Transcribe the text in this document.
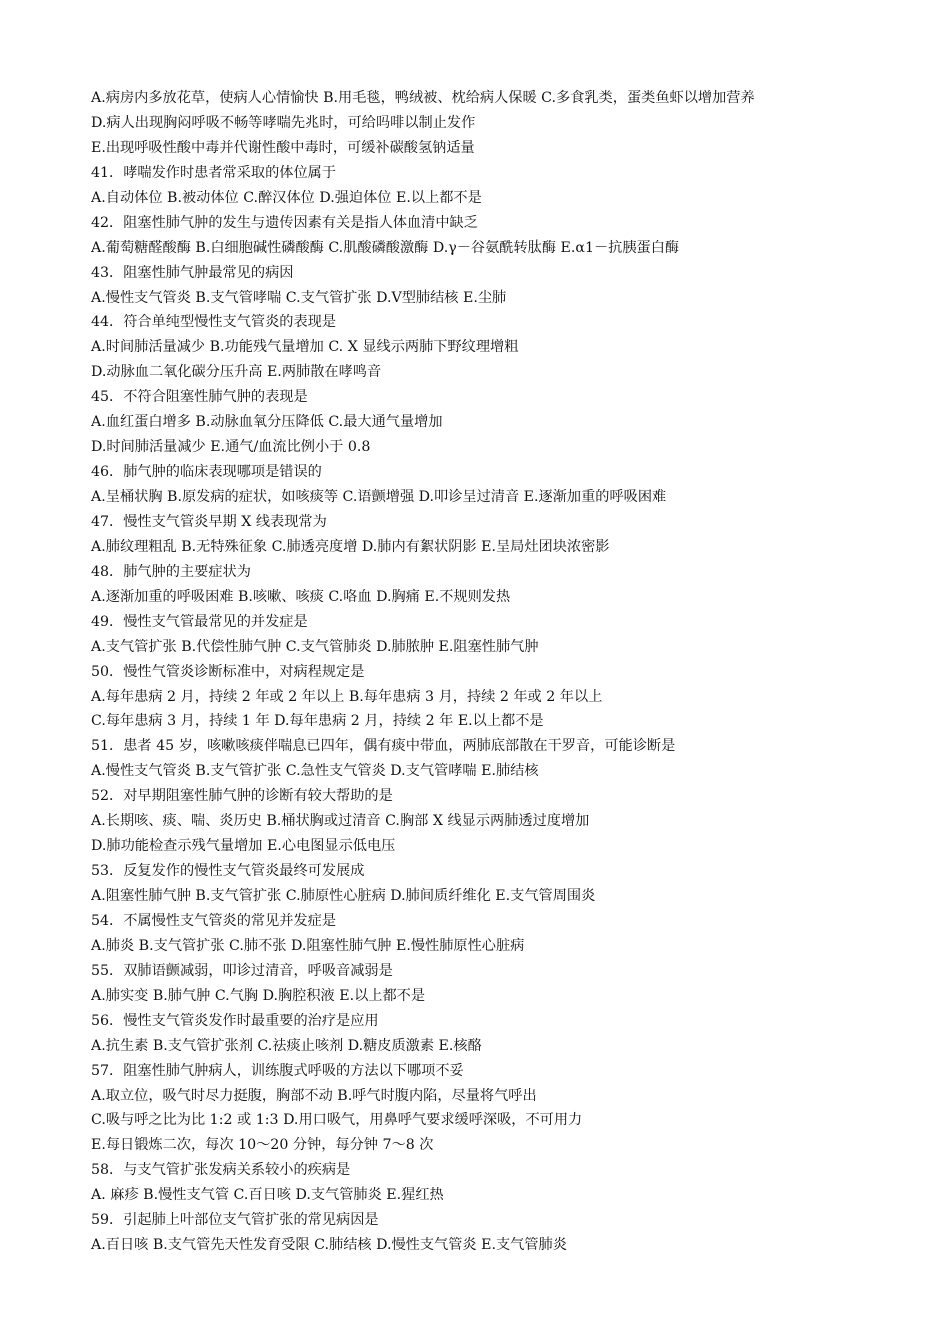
A.病房内多放花草，使病人心情愉快 B.用毛毯，鸭绒被、枕给病人保暖 C.多食乳类，蛋类鱼虾以增加营养
D.病人出现胸闷呼吸不畅等哮喘先兆时，可给吗啡以制止发作
E.出现呼吸性酸中毒并代谢性酸中毒时，可缓补碳酸氢钠适量
41．哮喘发作时患者常采取的体位属于
A.自动体位 B.被动体位 C.醉汉体位 D.强迫体位 E.以上都不是
42．阻塞性肺气肿的发生与遗传因素有关是指人体血清中缺乏
A.葡萄糖醛酸酶 B.白细胞碱性磷酸酶 C.肌酸磷酸激酶 D.γ－谷氨酰转肽酶 E.α1－抗胰蛋白酶
43．阻塞性肺气肿最常见的病因
A.慢性支气管炎 B.支气管哮喘 C.支气管扩张 D.Ⅴ型肺结核 E.尘肺
44．符合单纯型慢性支气管炎的表现是
A.时间肺活量减少 B.功能残气量增加 C. X 显线示两肺下野纹理增粗
D.动脉血二氧化碳分压升高 E.两肺散在哮鸣音
45．不符合阻塞性肺气肿的表现是
A.血红蛋白增多 B.动脉血氧分压降低 C.最大通气量增加
D.时间肺活量减少 E.通气/血流比例小于 0.8
46．肺气肿的临床表现哪项是错误的
A.呈桶状胸 B.原发病的症状，如咳痰等 C.语颤增强 D.叩诊呈过清音 E.逐渐加重的呼吸困难
47．慢性支气管炎早期 X 线表现常为
A.肺纹理粗乱 B.无特殊征象 C.肺透亮度增 D.肺内有絮状阴影 E.呈局灶团块浓密影
48．肺气肿的主要症状为
A.逐渐加重的呼吸困难 B.咳嗽、咳痰 C.咯血 D.胸痛 E.不规则发热
49．慢性支气管最常见的并发症是
A.支气管扩张 B.代偿性肺气肿 C.支气管肺炎 D.肺脓肿 E.阻塞性肺气肿
50．慢性气管炎诊断标准中，对病程规定是
A.每年患病 2 月，持续 2 年或 2 年以上 B.每年患病 3 月，持续 2 年或 2 年以上
C.每年患病 3 月，持续 1 年 D.每年患病 2 月，持续 2 年 E.以上都不是
51．患者 45 岁，咳嗽咳痰伴喘息已四年，偶有痰中带血，两肺底部散在干罗音，可能诊断是
A.慢性支气管炎 B.支气管扩张 C.急性支气管炎 D.支气管哮喘 E.肺结核
52．对早期阻塞性肺气肿的诊断有较大帮助的是
A.长期咳、痰、喘、炎历史 B.桶状胸或过清音 C.胸部 X 线显示两肺透过度增加
D.肺功能检查示残气量增加 E.心电图显示低电压
53．反复发作的慢性支气管炎最终可发展成
A.阻塞性肺气肿 B.支气管扩张 C.肺原性心脏病 D.肺间质纤维化 E.支气管周围炎
54．不属慢性支气管炎的常见并发症是
A.肺炎 B.支气管扩张 C.肺不张 D.阻塞性肺气肿 E.慢性肺原性心脏病
55．双肺语颤减弱，叩诊过清音，呼吸音减弱是
A.肺实变 B.肺气肿 C.气胸 D.胸腔积液 E.以上都不是
56．慢性支气管炎发作时最重要的治疗是应用
A.抗生素 B.支气管扩张剂 C.祛痰止咳剂 D.糖皮质激素 E.核酪
57．阻塞性肺气肿病人，训练腹式呼吸的方法以下哪项不妥
A.取立位，吸气时尽力挺腹，胸部不动 B.呼气时腹内陷，尽量将气呼出
C.吸与呼之比为比 1:2 或 1:3 D.用口吸气，用鼻呼气要求缓呼深吸，不可用力
E.每日锻炼二次，每次 10～20 分钟，每分钟 7～8 次
58．与支气管扩张发病关系较小的疾病是
A. 麻疹 B.慢性支气管 C.百日咳 D.支气管肺炎 E.猩红热
59．引起肺上叶部位支气管扩张的常见病因是
A.百日咳 B.支气管先天性发育受限 C.肺结核 D.慢性支气管炎 E.支气管肺炎
